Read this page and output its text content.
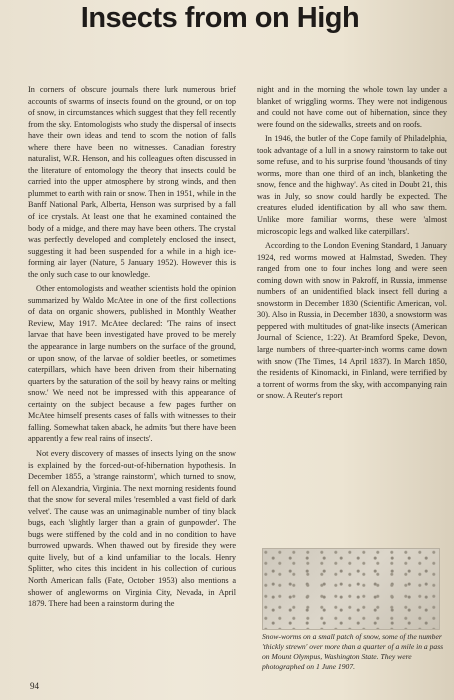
Insects from on High

In corners of obscure journals there lurk numerous brief accounts of swarms of insects found on the ground, or on top of snow, in circumstances which suggest that they fell recently from the sky. Entomologists who study the dispersal of insects have their own ideas and tend to scorn the notion of falls where there have been no witnesses. Canadian forestry naturalist, W.R. Henson, and his colleagues often discussed in the literature of entomology the theory that insects could be carried into the upper atmosphere by strong winds, and then plummet to earth with rain or snow. Then in 1951, while in the Banff National Park, Alberta, Henson was surprised by a fall of ice crystals. At least one that he examined contained the body of a midge, and there may have been others. The crystal was perfectly developed and completely enclosed the insect, suggesting it had been suspended for a while in a high ice-forming air layer (Nature, 5 January 1952). However this is the only such case to our knowledge.

Other entomologists and weather scientists hold the opinion summarized by Waldo McAtee in one of the first collections of data on organic showers, published in Monthly Weather Review, May 1917. McAtee declared: 'The rains of insect larvae that have been investigated have proved to be merely the appearance in large numbers on the surface of the ground, or upon snow, of the larvae of soldier beetles, or sometimes caterpillars, which have been driven from their hibernating quarters by the saturation of the soil by heavy rains or melting snow.' We need not be impressed with this appearance of certainty on the subject because a few pages further on McAtee himself presents cases of falls with witnesses to their falling. Somewhat taken aback, he admits 'but there have been apparently a few real rains of insects'.

Not every discovery of masses of insects lying on the snow is explained by the forced-out-of-hibernation hypothesis. In December 1855, a 'strange rainstorm', which turned to snow, fell on Alexandria, Virginia. The next morning residents found that the snow for several miles 'resembled a vast field of dark velvet'. The cause was an unimaginable number of tiny black bugs, each 'slightly larger than a grain of gunpowder'. The bugs were stiffened by the cold and in no condition to have burrowed upwards. When thawed out by fireside they were quite lively, but of a kind unfamiliar to the locals. Henry Splitter, who cites this incident in his collection of curious North American falls (Fate, October 1953) also mentions a shower of angleworms on Virginia City, Nevada, in April 1879. There had been a rainstorm during the

night and in the morning the whole town lay under a blanket of wriggling worms. They were not indigenous and could not have come out of hibernation, since they were found on the sidewalks, streets and on roofs.

In 1946, the butler of the Cope family of Philadelphia, took advantage of a lull in a snowy rainstorm to take out some refuse, and to his surprise found 'thousands of tiny worms, more than one third of an inch, blanketing the snow, fence and the highway'. As cited in Doubt 21, this was in July, so snow could hardly be expected. The creatures eluded identification by all who saw them. Unlike more familiar worms, these were 'almost microscopic legs and walked like caterpillars'.

According to the London Evening Standard, 1 January 1924, red worms mowed at Halmstad, Sweden. They ranged from one to four inches long and were seen coming down with snow in Pakroff, in Russia, immense numbers of an unidentified black insect fell during a snowstorm in December 1830 (Scientific American, vol. 30). Also in Russia, in December 1830, a snowstorm was peppered with multitudes of gnat-like insects (American Journal of Science, 1:22). At Bramford Speke, Devon, large numbers of three-quarter-inch worms came down with snow (The Times, 14 April 1837). In March 1850, the residents of Kinomacki, in Finland, were terrified by a torrent of worms from the sky, with accompanying rain or snow. A Reuter's report

Snow-worms on a small patch of snow, some of the number 'thickly strewn' over more than a quarter of a mile in a pass on Mount Olympus, Washington State. They were photographed on 1 June 1907.
94
